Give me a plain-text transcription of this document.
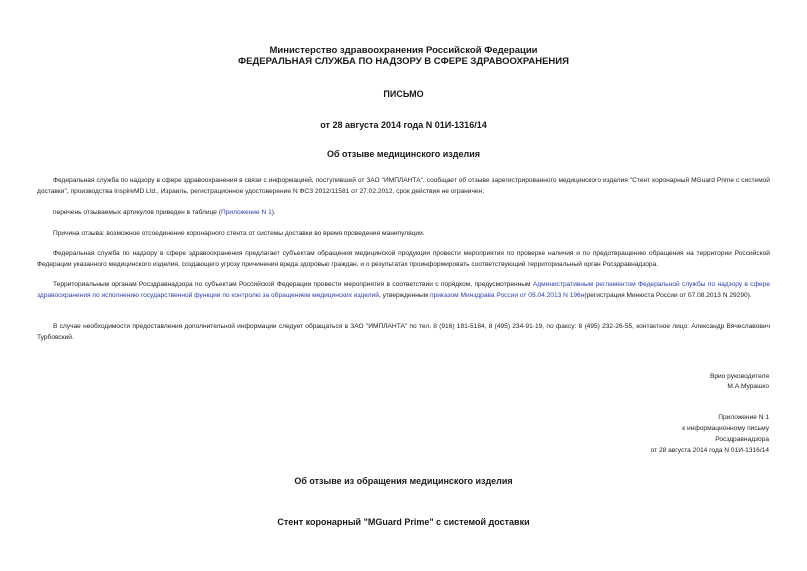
Министерство здравоохранения Российской Федерации
ФЕДЕРАЛЬНАЯ СЛУЖБА ПО НАДЗОРУ В СФЕРЕ ЗДРАВООХРАНЕНИЯ
ПИСЬМО
от 28 августа 2014 года N 01И-1316/14
Об отзыве медицинского изделия
Федеральная служба по надзору в сфере здравоохранения в связи с информацией, поступившей от ЗАО "ИМПЛАНТА", сообщает об отзыве зарегистрированного медицинского изделия "Стент коронарный MGuard Prime с системой доставки", производства InspireMD Ltd., Израиль, регистрационное удостоверение N ФСЗ 2012/11581 от 27.02.2012, срок действия не ограничен;
перечень отзываемых артикулов приведен в таблице (Приложение N 1).
Причина отзыва: возможное отсоединение коронарного стента от системы доставки во время проведения манипуляции.
Федеральная служба по надзору в сфере здравоохранения предлагает субъектам обращения медицинской продукции провести мероприятия по проверке наличия и по предотвращению обращения на территории Российской Федерации указанного медицинского изделия, создающего угрозу причинения вреда здоровью граждан, и о результатах проинформировать соответствующий территориальный орган Росздравнадзора.
Территориальным органам Росздравнадзора по субъектам Российской Федерации провести мероприятия в соответствии с порядком, предусмотренным Административным регламентом Федеральной службы по надзору в сфере здравоохранения по исполнению государственной функции по контролю за обращением медицинских изделий, утвержденным приказом Минздрава России от 05.04.2013 N 196н(регистрация Минюста России от 07.08.2013 N 29290).
В случае необходимости предоставления дополнительной информации следует обращаться в ЗАО "ИМПЛАНТА" по тел. 8 (916) 181-5184, 8 (495) 234-91-19, по факсу: 8 (495) 232-26-55, контактное лицо: Александр Вячеславович Турбовский.
Врио руководителя
М.А.Мурашко
Приложение N 1
к информационному письму
Росздравнадзора
от 28 августа 2014 года N 01И-1316/14
Об отзыве из обращения медицинского изделия
Стент коронарный "MGuard Prime" с системой доставки
